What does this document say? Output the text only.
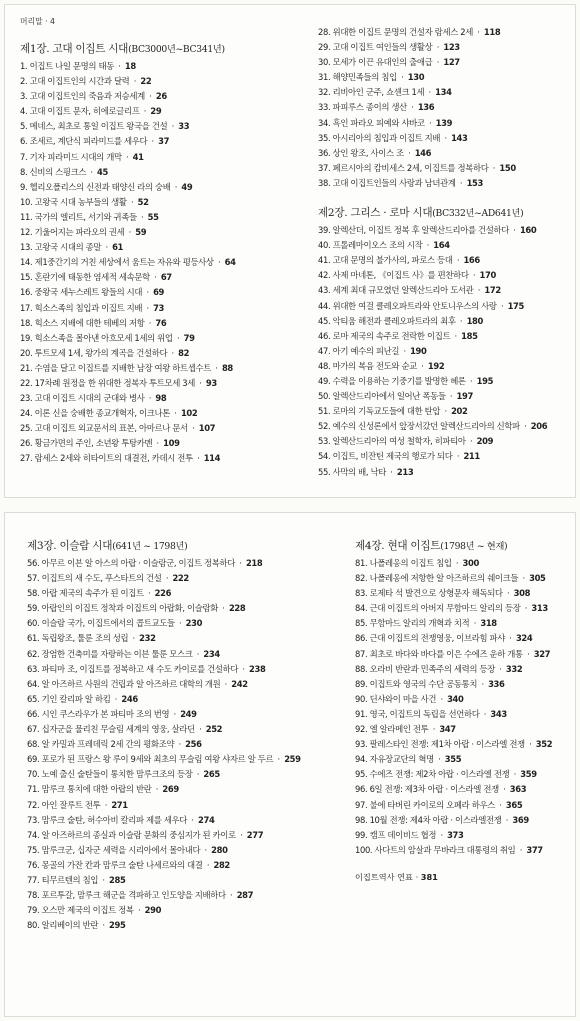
머리말 · 4
제1장. 고대 이집트 시대(BC3000년~BC341년)
1. 이집트 나일 문명의 태동 · 18
2. 고대 이집트인의 시간과 달력 · 22
3. 고대 이집트인의 죽음과 저승세계 · 26
4. 고대 이집트 문자, 히에로글리프 · 29
5. 메네스, 최초로 통일 이집트 왕국을 건설 · 33
6. 조세르, 계단식 피라미드를 세우다 · 37
7. 기자 피라미드 시대의 개막 · 41
8. 신비의 스핑크스 · 45
9. 헬리오폴리스의 신전과 태양신 라의 숭배 · 49
10. 고왕국 시대 농부들의 생활 · 52
11. 국가의 엘리트, 서기와 귀족들 · 55
12. 기울어지는 파라오의 권세 · 59
13. 고왕국 시대의 종말 · 61
14. 제1중간기의 거친 세상에서 움트는 자유와 평등사상 · 64
15. 혼란기에 태동한 염세적 세속문학 · 67
16. 중왕국 세누스레트 왕들의 시대 · 69
17. 힉소스족의 침입과 이집트 지배 · 73
18. 힉소스 지배에 대한 테베의 저항 · 76
19. 힉소스족을 몰아낸 아흐모세 1세의 위업 · 79
20. 투트모세 1세, 왕가의 계곡을 건설하다 · 82
21. 수염을 달고 이집트를 지배한 남장 여왕 하트셉수트 · 88
22. 17차례 원정을 한 위대한 정복자 투트모세 3세 · 93
23. 고대 이집트 시대의 군대와 병사 · 98
24. 이론 신을 숭배한 종교개혁자, 이크나톤 · 102
25. 고대 이집트 외교문서의 표본, 아마르나 문서 · 107
26. 황금가면의 주인, 소년왕 투탕카멘 · 109
27. 람세스 2세와 히타이트의 대결전, 카데시 전투 · 114
28. 위대한 이집트 문명의 건설자 람세스 2세 · 118
29. 고대 이집트 여인들의 생활상 · 123
30. 모세가 이끈 유대인의 출애급 · 127
31. 해양민족들의 침입 · 130
32. 리비아인 군주, 쇼셴크 1세 · 134
33. 파피루스 종이의 생산 · 136
34. 흑인 파라오 피예와 샤바코 · 139
35. 아시리아의 침입과 이집트 지배 · 143
36. 상인 왕조, 사이스 조 · 146
37. 페르시아의 캄비세스 2세, 이집트를 정복하다 · 150
38. 고대 이집트인들의 사랑과 남녀관계 · 153
제2장. 그리스 · 로마 시대(BC332년~AD641년)
39. 알렉산더, 이집트 정복 후 알렉산드리아를 건설하다 · 160
40. 프톨레마이오스 조의 시작 · 164
41. 고대 문명의 불가사의, 파로스 등대 · 166
42. 사제 마네톤, 《이집트 사》를 편찬하다 · 170
43. 세계 최대 규모였던 알렉산드리아 도서관 · 172
44. 위대한 여걸 클레오파트라와 안토니우스의 사랑 · 175
45. 악티움 해전과 클레오파트라의 최후 · 180
46. 로마 제국의 속주로 전락한 이집트 · 185
47. 아기 예수의 피난길 · 190
48. 마가의 복음 전도와 순교 · 192
49. 수력을 이용하는 기중기를 발명한 헤론 · 195
50. 알렉산드리아에서 일어난 폭동들 · 197
51. 로마의 기독교도들에 대한 탄압 · 202
52. 예수의 신성론에서 앞장서갔던 알렉산드리아의 신학파 · 206
53. 알렉산드리아의 여성 철학자, 히파티아 · 209
54. 이집트, 비잔틴 제국의 행로가 되다 · 211
55. 사막의 배, 낙타 · 213
제3장. 이슬람 시대(641년 ~ 1798년)
56. 아무르 이븐 알 아스의 아랍 · 이슬람군, 이집트 정복하다 · 218
57. 이집트의 새 수도, 푸스타트의 건설 · 222
58. 아랍 제국의 속주가 된 이집트 · 226
59. 아랍인의 이집트 정착과 이집트의 아랍화, 이슬람화 · 228
60. 이슬람 국가, 이집트에서의 콥트교도들 · 230
61. 독립왕조, 툴룬 조의 성립 · 232
62. 장엄한 건축미를 자랑하는 이븐 툴룬 모스크 · 234
63. 파티마 조, 이집트를 정복하고 새 수도 카이로를 건설하다 · 238
64. 알 아즈하르 사원의 건립과 알 아즈하르 대학의 개원 · 242
65. 기인 칼리파 알 하킴 · 246
66. 시인 쿠스라우가 본 파티마 조의 번영 · 249
67. 십자군을 물리친 무슬림 세계의 영웅, 살라딘 · 252
68. 알 카밀과 프레데릭 2세 간의 평화조약 · 256
69. 포로가 된 프랑스 왕 루이 9세와 최초의 무슬림 여왕 샤자르 알 두르 · 259
70. 노예 출신 술탄들이 통치한 맘루크조의 등장 · 265
71. 맘루크 통치에 대한 아랍의 반란 · 269
72. 아인 잘루트 전투 · 271
73. 맘루크 술탄, 허수아비 칼리파 제를 세우다 · 274
74. 알 아즈하르의 종실과 이슬람 문화의 중심지가 된 카이로 · 277
75. 맘루크군, 십자군 세력을 시리아에서 몰아내다 · 280
76. 몽골의 가잔 칸과 맘루크 술탄 나세르와의 대결 · 282
77. 티무르텐의 침입 · 285
78. 포르투갈, 맘루크 해군을 격파하고 인도양을 지배하다 · 287
79. 오스만 제국의 이집트 정복 · 290
80. 알리베이의 반란 · 295
제4장. 현대 이집트(1798년 ~ 현재)
81. 나폴레옹의 이집트 침입 · 300
82. 나폴레옹에 저항한 알 아즈하르의 쉐이크들 · 305
83. 로제타 석 발견으로 상형문자 해독되다 · 308
84. 근대 이집트의 아버지 무함마드 알리의 등장 · 313
85. 무함마드 알리의 개혁과 치적 · 318
86. 근대 이집트의 전쟁영웅, 이브라힘 파샤 · 324
87. 최초로 바다와 바다를 이은 수에즈 운하 개통 · 327
88. 오라비 반란과 민족주의 세력의 등장 · 332
89. 이집트와 영국의 수단 공동통치 · 336
90. 딘샤와이 마을 사건 · 340
91. 영국, 이집트의 독립을 선언하다 · 343
92. 엘 알라메인 전투 · 347
93. 팔레스타인 전쟁: 제1차 아랍 · 이스라엘 전쟁 · 352
94. 자유장교단의 혁명 · 355
95. 수에즈 전쟁: 제2차 아랍 · 이스라엘 전쟁 · 359
96. 6일 전쟁: 제3차 아랍 · 이스라엘 전쟁 · 363
97. 불에 타버린 카이로의 오페라 하우스 · 365
98. 10월 전쟁: 제4차 아랍 · 이스라엘전쟁 · 369
99. 캠프 데이비드 협정 · 373
100. 사다트의 암살과 무바라크 대통령의 취임 · 377
이집트역사 연표 · 381
